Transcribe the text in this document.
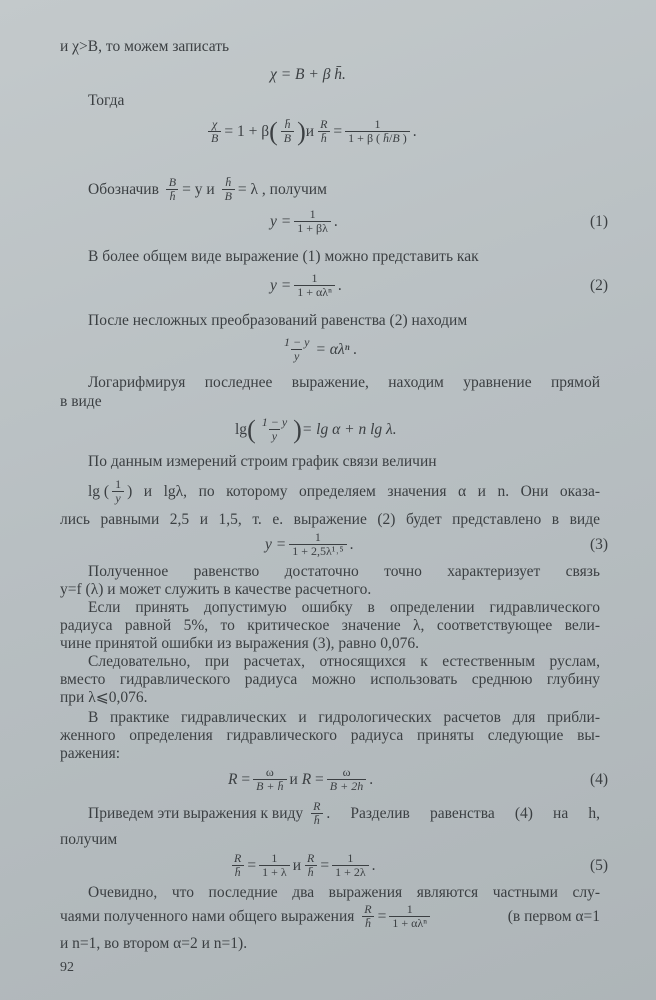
и χ>B, то можем записать
χ = B + β h̄.
Тогда
$\frac{\chi}{B} = 1 + \beta$ ( $\frac{h̄}{B}$ ) и $\frac{R}{h̄} = \frac{1}{1 + \beta ( h̄/B )}$ .
Обозначив
$\frac{B}{h̄} = y$ и
$\frac{h̄}{B} = \lambda$ , получим
$y = \frac{1}{1 + \beta\lambda}$ .	(1)
В более общем виде выражение (1) можно представить как
y = 1
1 + αλⁿ .	(2)
После несложных преобразований равенства (2) находим
$\frac{1 - y}{y} = \alpha\lambda^n$ .
Логарифмируя последнее выражение, находим уравнение прямой
в виде
lg ( $\frac{1 - y}{y}$ ) = lg α + n lg λ.
По данным измерений строим график связи величин
lg ( $\frac{1}{y}$ ) и lgλ, по которому определяем значения α и n. Они оказа-
лись равными 2,5 и 1,5, т. е. выражение (2) будет представлено в виде
$y = \frac{1}{\text{1 + 2,5λ¹˒⁵}}$ .	(3)
Полученное равенство достаточно точно характеризует связь
y=f (λ) и может служить в качестве расчетного.
Если принять допустимую ошибку в определении гидравлического
радиуса равной 5%, то критическое значение λ, соответствующее вели-
чине принятой ошибки из выражения (3), равно 0,076.
Следовательно, при расчетах, относящихся к естественным руслам,
вместо гидравлического радиуса можно использовать среднюю глубину
при λ⩽0,076.
В практике гидравлических и гидрологических расчетов для прибли-
женного определения гидравлического радиуса приняты следующие вы-
ражения:
R
= $\frac{\omega}{B + h̄}$ и
R
= $\frac{\omega}{B + 2h}$ .	(4)
Приведем эти выражения к виду
$\frac{R}{h̄}$ . Разделив равенства (4) на h,
получим
$\frac{R}{h̄} = \frac{1}{1 + \lambda}$ и $\frac{R}{h̄} = \frac{1}{1 + 2\lambda}$ .	(5)
Очевидно, что последние два выражения являются частными слу-
чаями полученного нами общего выражения
$\frac{R}{h̄} = 1$
1 + αλⁿ	(в первом α=1
и n=1, во втором α=2 и n=1).
92
